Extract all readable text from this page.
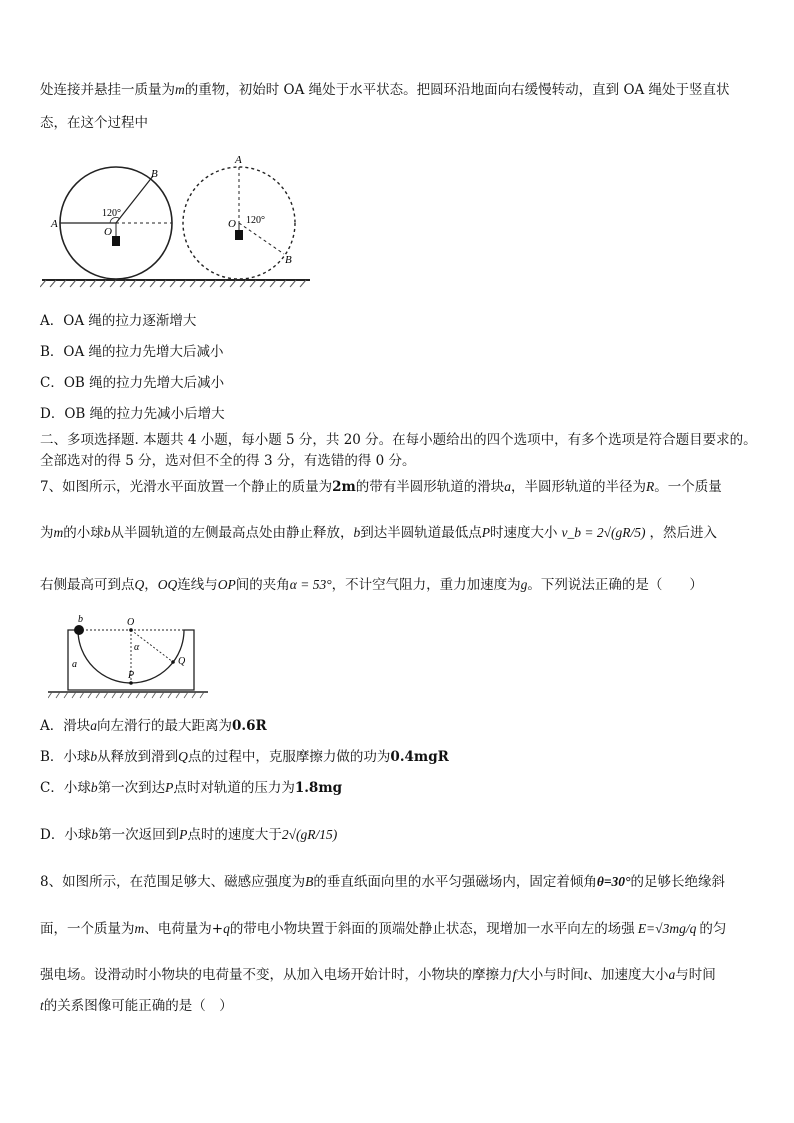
处连接并悬挂一质量为m的重物，初始时 OA 绳处于水平状态。把圆环沿地面向右缓慢转动，直到 OA 绳处于竖直状
态，在这个过程中
A
B
O
120°
A
B
O 120°
A．OA 绳的拉力逐渐增大
B．OA 绳的拉力先增大后减小
C．OB 绳的拉力先增大后减小
D．OB 绳的拉力先减小后增大
二、多项选择题. 本题共 4 小题，每小题 5 分，共 20 分。在每小题给出的四个选项中，有多个选项是符合题目要求的。
全部选对的得 5 分，选对但不全的得 3 分，有选错的得 0 分。
7、如图所示，光滑水平面放置一个静止的质量为2m的带有半圆形轨道的滑块a，半圆形轨道的半径为R。一个质量
为m的小球b从半圆轨道的左侧最高点处由静止释放，b到达半圆轨道最低点P时速度大小 v_b = 2√(gR/5) ，然后进入
右侧最高可到点Q，OQ连线与OP间的夹角α = 53°，不计空气阻力，重力加速度为g。下列说法正确的是（　　）
b	O
α
Q
a
P
A．滑块a向左滑行的最大距离为0.6R
B．小球b从释放到滑到Q点的过程中，克服摩擦力做的功为0.4mgR
C．小球b第一次到达P点时对轨道的压力为1.8mg
D．小球b第一次返回到P点时的速度大于2√(gR/15)
8、如图所示，在范围足够大、磁感应强度为B的垂直纸面向里的水平匀强磁场内，固定着倾角θ=30°的足够长绝缘斜
面，一个质量为m、电荷量为+q的带电小物块置于斜面的顶端处静止状态，现增加一水平向左的场强 E=√3mg/q 的匀
强电场。设滑动时小物块的电荷量不变，从加入电场开始计时，小物块的摩擦力f大小与时间t、加速度大小a与时间
t的关系图像可能正确的是（　）
